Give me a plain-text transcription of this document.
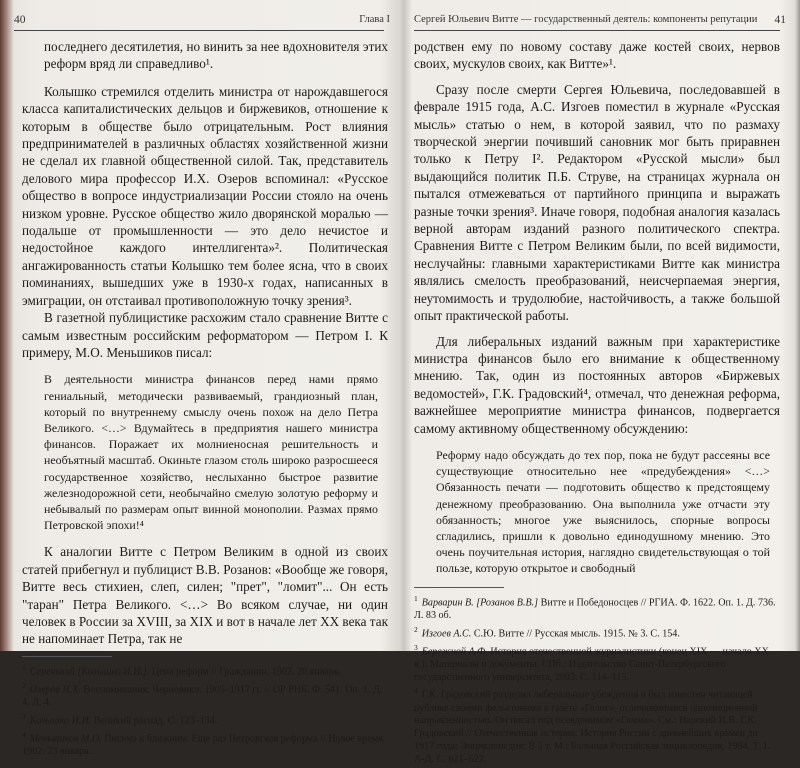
40	Глава I

последнего десятилетия, но винить за нее вдохновителя этих реформ вряд ли справедливо¹.

Колышко стремился отделить министра от нарождавшегося класса капиталистических дельцов и биржевиков, отношение к которым в обществе было отрицательным. Рост влияния предпринимателей в различных областях хозяйственной жизни не сделал их главной общественной силой. Так, представитель делового мира профессор И.Х. Озеров вспоминал: «Русское общество в вопросе индустриализации России стояло на очень низком уровне. Русское общество жило дворянской моралью — подальше от промышленности — это дело нечистое и недостойное каждого интеллигента»². Политическая ангажированность статьи Колышко тем более ясна, что в своих поминаниях, вышедших уже в 1930-х годах, написанных в эмиграции, он отстаивал противоположную точку зрения³.

В газетной публицистике расхожим стало сравнение Витте с самым известным российским реформатором — Петром I. К примеру, М.О. Меньшиков писал:

В деятельности министра финансов перед нами прямо гениальный, методически развиваемый, грандиозный план, который по внутреннему смыслу очень похож на дело Петра Великого. <…> Вдумайтесь в предприятия нашего министра финансов. Поражает их молниеносная решительность и необъятный масштаб. Окиньте глазом столь широко разросшееся государственное хозяйство, неслыханно быстрое развитие железнодорожной сети, необычайно смелую золотую реформу и небывалый по размерам опыт винной монополии. Размах прямо Петровской эпохи!⁴

К аналогии Витте с Петром Великим в одной из своих статей прибегнул и публицист В.В. Розанов: «Вообще же говоря, Витте весь стихиен, слеп, силен; "прет", "ломит"... Он есть "таран" Петра Великого. <…> Во всяком случае, ни один человек в России за XVIII, за XIX и вот в начале лет XX века так не напоминает Петра, так не

$^1$ Серенький [Колышко И.И.]. Цена реформ // Гражданин. 1902. 20 января.

$^2$ Озеров И.Х. Воспоминания. Черновики. 1905–1917 гг. // ОР РНБ. Ф. 541. Оп. 1. Д. 4. Л. 4.

$^3$ Колышко И.И. Великий распад. С. 123–134.

$^4$ Меньшиков М.О. Письма к ближним: Еще раз Петровская реформа // Новое время. 1902. 23 января.

Сергей Юльевич Витте — государственный деятель: компоненты репутации 41

родствен ему по новому составу даже костей своих, нервов своих, мускулов своих, как Витте»¹.

Сразу после смерти Сергея Юльевича, последовавшей в феврале 1915 года, А.С. Изгоев поместил в журнале «Русская мысль» статью о нем, в которой заявил, что по размаху творческой энергии почивший сановник мог быть приравнен только к Петру I². Редактором «Русской мысли» был выдающийся политик П.Б. Струве, на страницах журнала он пытался отмежеваться от партийного принципа и выражать разные точки зрения³. Иначе говоря, подобная аналогия казалась верной авторам изданий разного политического спектра. Сравнения Витте с Петром Великим были, по всей видимости, неслучайны: главными характеристиками Витте как министра являлись смелость преобразований, неисчерпаемая энергия, неутомимость и трудолюбие, настойчивость, а также большой опыт практической работы.

Для либеральных изданий важным при характеристике министра финансов было его внимание к общественному мнению. Так, один из постоянных авторов «Биржевых ведомостей», Г.К. Градовский⁴, отмечал, что денежная реформа, важнейшее мероприятие министра финансов, подвергается самому активному общественному обсуждению:

Реформу надо обсуждать до тех пор, пока не будут рассеяны все существующие относительно нее «предубеждения» <…> Обязанность печати — подготовить общество к предстоящему денежному преобразованию. Она выполнила уже отчасти эту обязанность; многое уже выяснилось, спорные вопросы сгладились, пришли к довольно единодушному мнению. Это очень поучительная история, наглядно свидетельствующая о той пользе, которую открытое и свободный

$^1$ Варварин В. [Розанов В.В.] Витте и Победоносцев // РГИА. Ф. 1622. Оп. 1. Д. 736. Л. 83 об.

$^2$ Изгоев А.С. С.Ю. Витте // Русская мысль. 1915. № 3. С. 154.

$^3$ Бережной А.Ф. История отечественной журналистики (конец XIX — начало XX в.): Материалы и документы. СПб.: Издательство Санкт-Петербургского государственного университета, 2003. С. 114–115.

$^4$ Г.К. Градовский разделял либеральные убеждения и был известен читающей публике своими фельетонами в газете «Голос», отличавшимися оппозиционной направленностью. Он писал под псевдонимом «Гамма». См.: Нарский И.В. Г.К. Градовский // Отечественная история: История России с древнейших времен до 1917 года: Энциклопедия: В 5 т. М.: Большая Российская энциклопедия, 1994. Т. 1. А-Д. С. 621–622.
